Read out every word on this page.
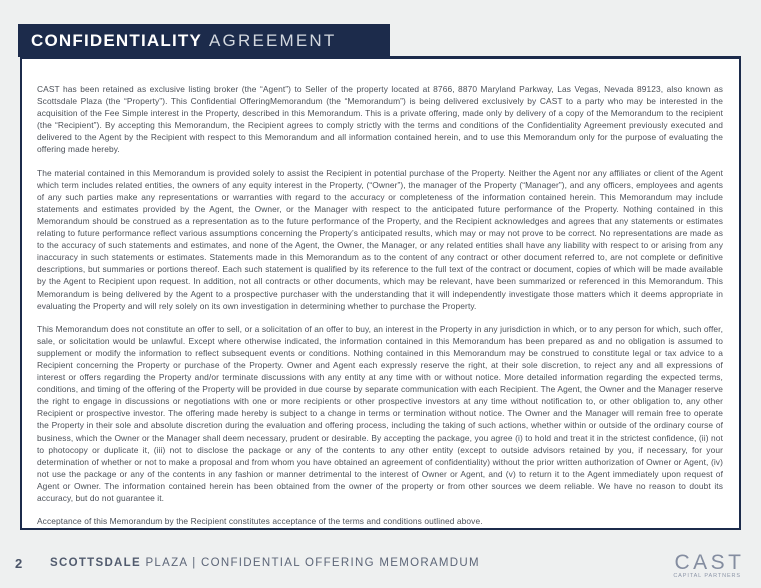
CONFIDENTIALITY AGREEMENT

CAST has been retained as exclusive listing broker (the “Agent”) to Seller of the property located at 8766, 8870 Maryland Parkway, Las Vegas, Nevada 89123, also known as Scottsdale Plaza (the “Property”). This Confidential OfferingMemorandum (the “Memorandum”) is being delivered exclusively by CAST to a party who may be interested in the acquisition of the Fee Simple interest in the Property, described in this Memorandum. This is a private offering, made only by delivery of a copy of the Memorandum to the recipient (the “Recipient”). By accepting this Memorandum, the Recipient agrees to comply strictly with the terms and conditions of the Confidentiality Agreement previously executed and delivered to the Agent by the Recipient with respect to this Memorandum and all information contained herein, and to use this Memorandum only for the purpose of evaluating the offering made hereby.

The material contained in this Memorandum is provided solely to assist the Recipient in potential purchase of the Property. Neither the Agent nor any affiliates or client of the Agent which term includes related entities, the owners of any equity interest in the Property, (“Owner”), the manager of the Property (“Manager”), and any officers, employees and agents of any such parties make any representations or warranties with regard to the accuracy or completeness of the information contained herein. This Memorandum may include statements and estimates provided by the Agent, the Owner, or the Manager with respect to the anticipated future performance of the Property. Nothing contained in this Memorandum should be construed as a representation as to the future performance of the Property, and the Recipient acknowledges and agrees that any statements or estimates relating to future performance reflect various assumptions concerning the Property’s anticipated results, which may or may not prove to be correct. No representations are made as to the accuracy of such statements and estimates, and none of the Agent, the Owner, the Manager, or any related entities shall have any liability with respect to or arising from any inaccuracy in such statements or estimates. Statements made in this Memorandum as to the content of any contract or other document referred to, are not complete or definitive descriptions, but summaries or portions thereof. Each such statement is qualified by its reference to the full text of the contract or document, copies of which will be made available by the Agent to Recipient upon request. In addition, not all contracts or other documents, which may be relevant, have been summarized or referenced in this Memorandum. This Memorandum is being delivered by the Agent to a prospective purchaser with the understanding that it will independently investigate those matters which it deems appropriate in evaluating the Property and will rely solely on its own investigation in determining whether to purchase the Property.

This Memorandum does not constitute an offer to sell, or a solicitation of an offer to buy, an interest in the Property in any jurisdiction in which, or to any person for which, such offer, sale, or solicitation would be unlawful. Except where otherwise indicated, the information contained in this Memorandum has been prepared as and no obligation is assumed to supplement or modify the information to reflect subsequent events or conditions. Nothing contained in this Memorandum may be construed to constitute legal or tax advice to a Recipient concerning the Property or purchase of the Property. Owner and Agent each expressly reserve the right, at their sole discretion, to reject any and all expressions of interest or offers regarding the Property and/or terminate discussions with any entity at any time with or without notice. More detailed information regarding the expected terms, conditions, and timing of the offering of the Property will be provided in due course by separate communication with each Recipient. The Agent, the Owner and the Manager reserve the right to engage in discussions or negotiations with one or more recipients or other prospective investors at any time without notification to, or other obligation to, any other Recipient or prospective investor. The offering made hereby is subject to a change in terms or termination without notice. The Owner and the Manager will remain free to operate the Property in their sole and absolute discretion during the evaluation and offering process, including the taking of such actions, whether within or outside of the ordinary course of business, which the Owner or the Manager shall deem necessary, prudent or desirable. By accepting the package, you agree (i) to hold and treat it in the strictest confidence, (ii) not to photocopy or duplicate it, (iii) not to disclose the package or any of the contents to any other entity (except to outside advisors retained by you, if necessary, for your determination of whether or not to make a proposal and from whom you have obtained an agreement of confidentiality) without the prior written authorization of Owner or Agent, (iv) not use the package or any of the contents in any fashion or manner detrimental to the interest of Owner or Agent, and (v) to return it to the Agent immediately upon request of Agent or Owner. The information contained herein has been obtained from the owner of the property or from other sources we deem reliable. We have no reason to doubt its accuracy, but do not guarantee it.

Acceptance of this Memorandum by the Recipient constitutes acceptance of the terms and conditions outlined above.

2 SCOTTSDALE PLAZA | CONFIDENTIAL OFFERING MEMORAMDUM	CAST
CAPITAL PARTNERS
